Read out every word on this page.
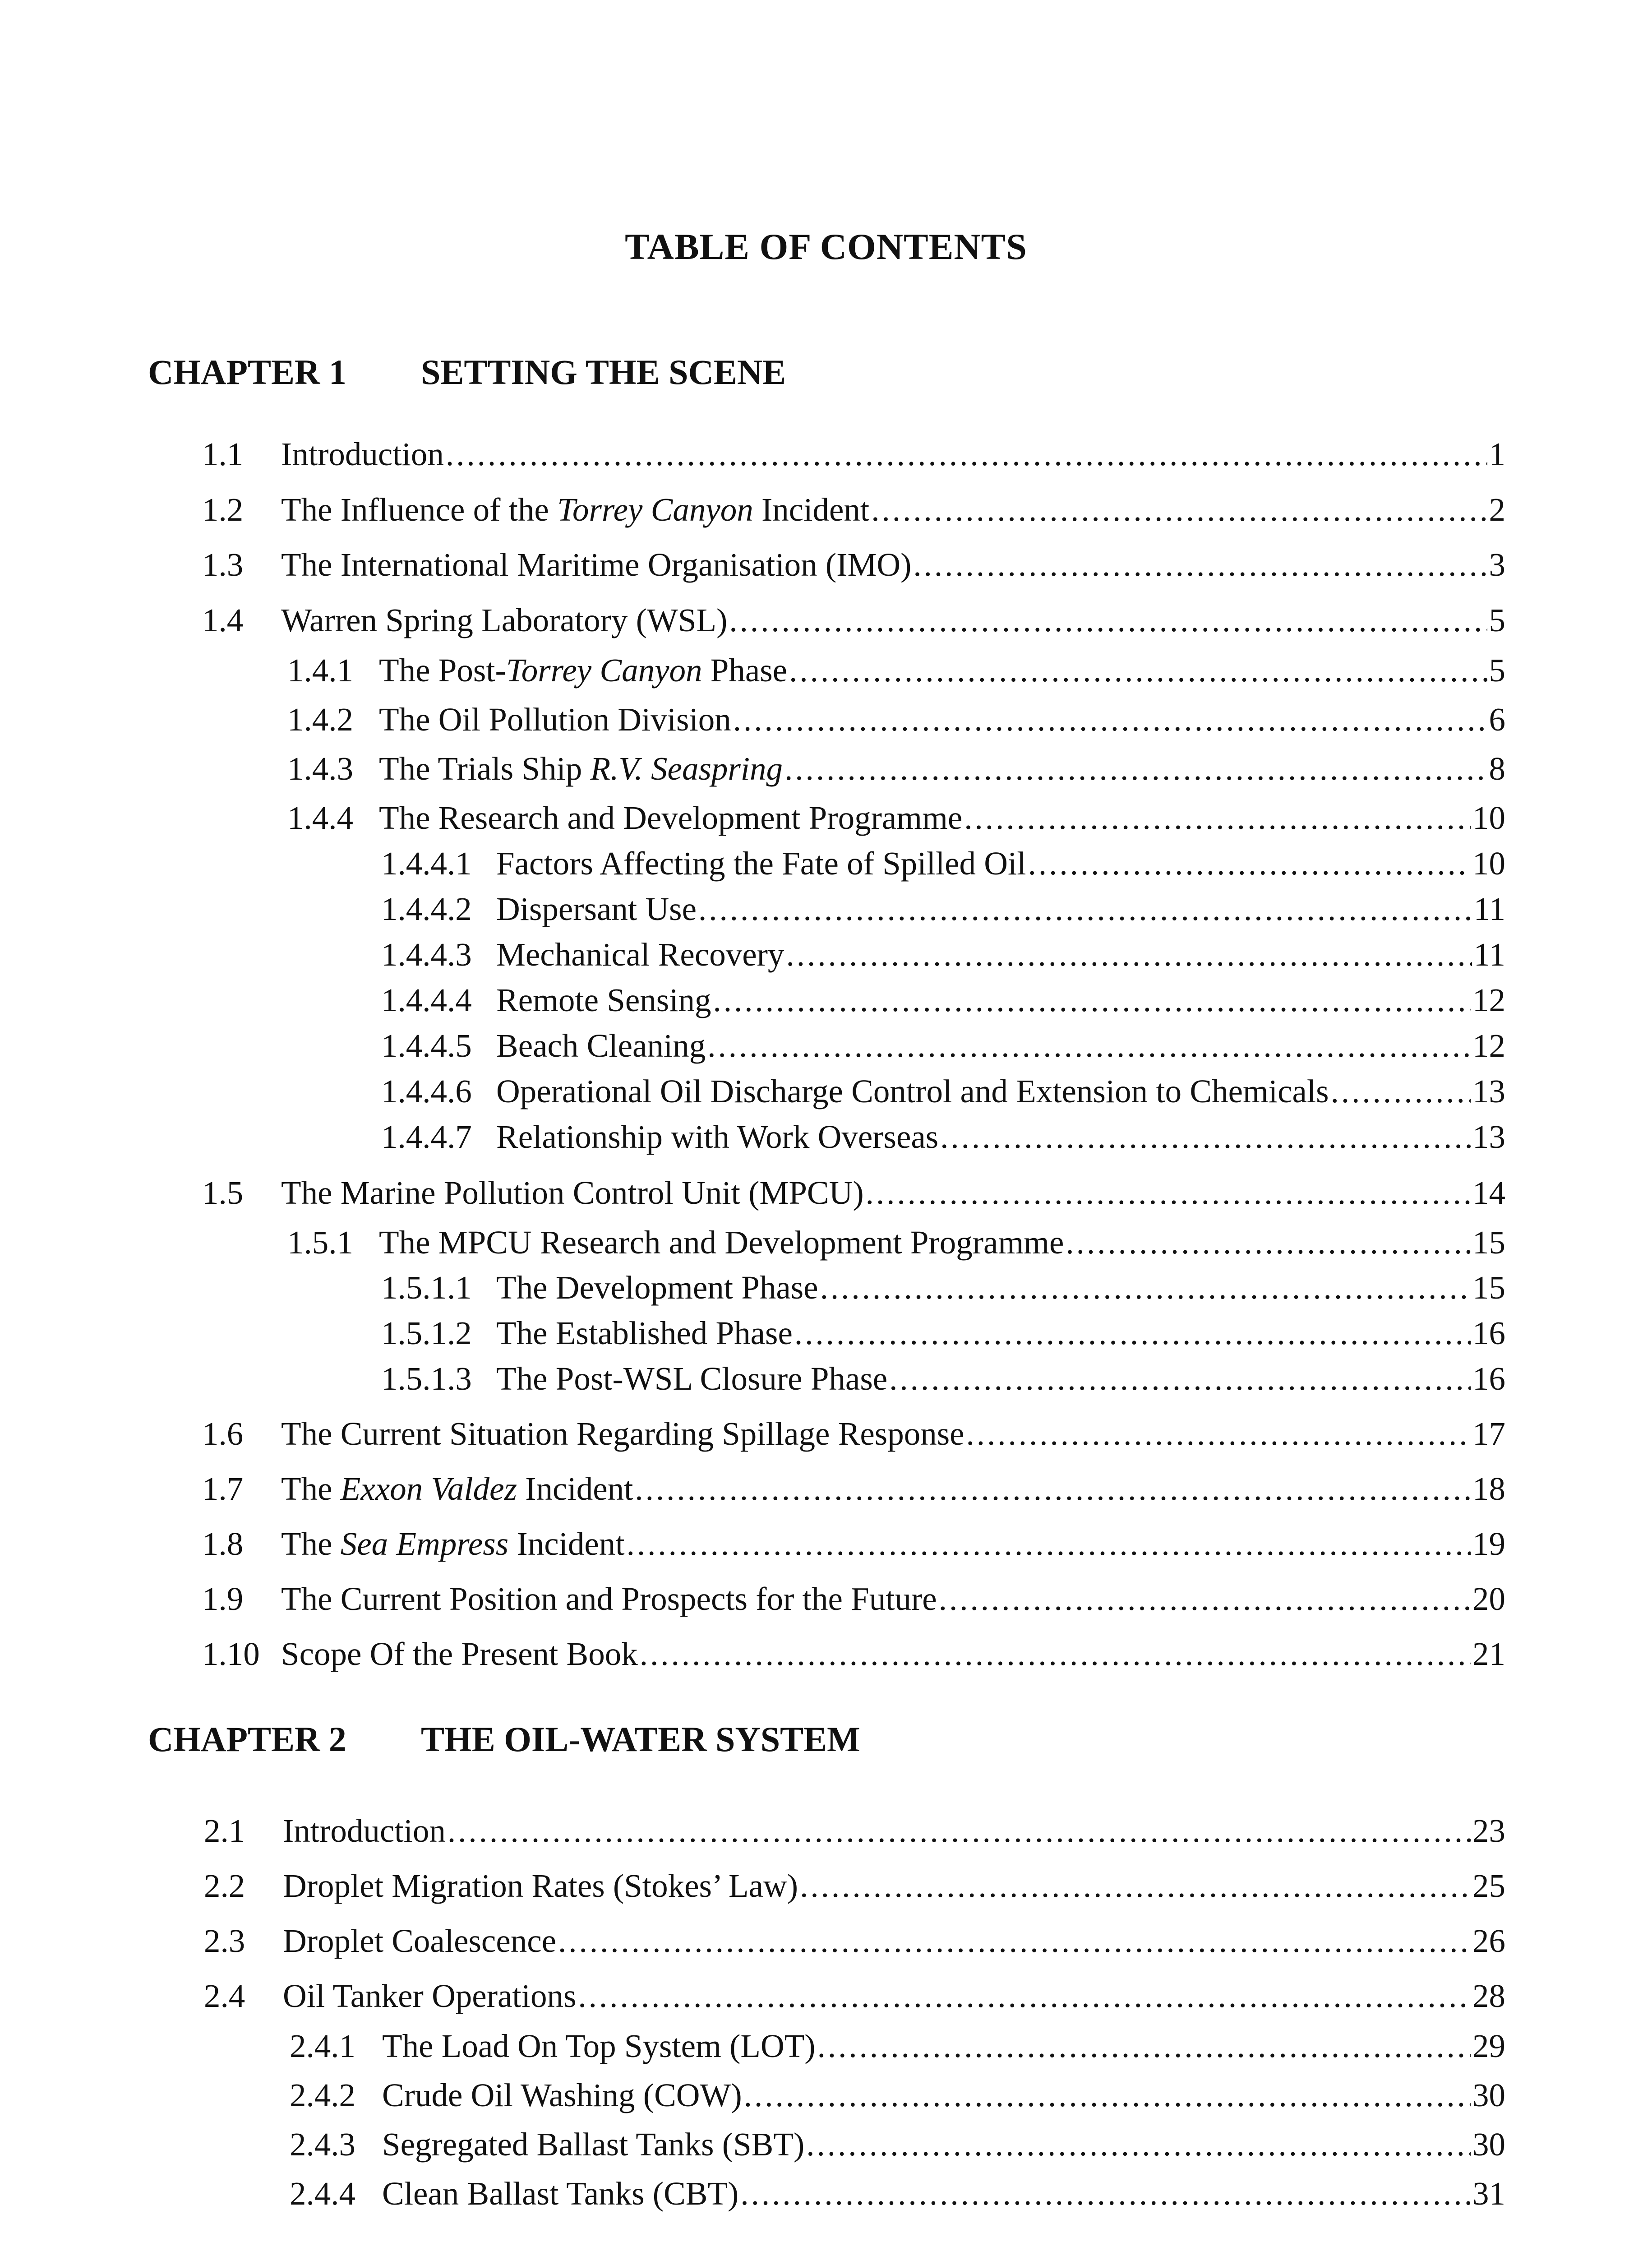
TABLE OF CONTENTS
CHAPTER 1 SETTING THE SCENE
1.1	Introduction .....	1
1.2	The Influence of the Torrey Canyon Incident .....	2
1.3	The International Maritime Organisation (IMO) .....	3
1.4	Warren Spring Laboratory (WSL) .....	5
1.4.1 The Post-Torrey Canyon Phase .....	5
1.4.2 The Oil Pollution Division .....	6
1.4.3 The Trials Ship R.V. Seaspring .....	8
1.4.4 The Research and Development Programme .....	10
1.4.4.1 Factors Affecting the Fate of Spilled Oil .....	10
1.4.4.2 Dispersant Use .....	11
1.4.4.3 Mechanical Recovery .....	11
1.4.4.4 Remote Sensing .....	12
1.4.4.5 Beach Cleaning .....	12
1.4.4.6 Operational Oil Discharge Control and Extension to Chemicals .....	13
1.4.4.7 Relationship with Work Overseas .....	13
1.5	The Marine Pollution Control Unit (MPCU) .....	14
1.5.1 The MPCU Research and Development Programme .....	15
1.5.1.1 The Development Phase .....	15
1.5.1.2 The Established Phase .....	16
1.5.1.3 The Post-WSL Closure Phase .....	16
1.6	The Current Situation Regarding Spillage Response .....	17
1.7	The Exxon Valdez Incident .....	18
1.8	The Sea Empress Incident .....	19
1.9	The Current Position and Prospects for the Future .....	20
1.10 Scope Of the Present Book .....	21
CHAPTER 2 THE OIL-WATER SYSTEM
2.1	Introduction .....	23
2.2	Droplet Migration Rates (Stokes’ Law) .....	25
2.3	Droplet Coalescence .....	26
2.4	Oil Tanker Operations .....	28
2.4.1 The Load On Top System (LOT) .....	29
2.4.2 Crude Oil Washing (COW) .....	30
2.4.3 Segregated Ballast Tanks (SBT) .....	30
2.4.4 Clean Ballast Tanks (CBT) .....	31
